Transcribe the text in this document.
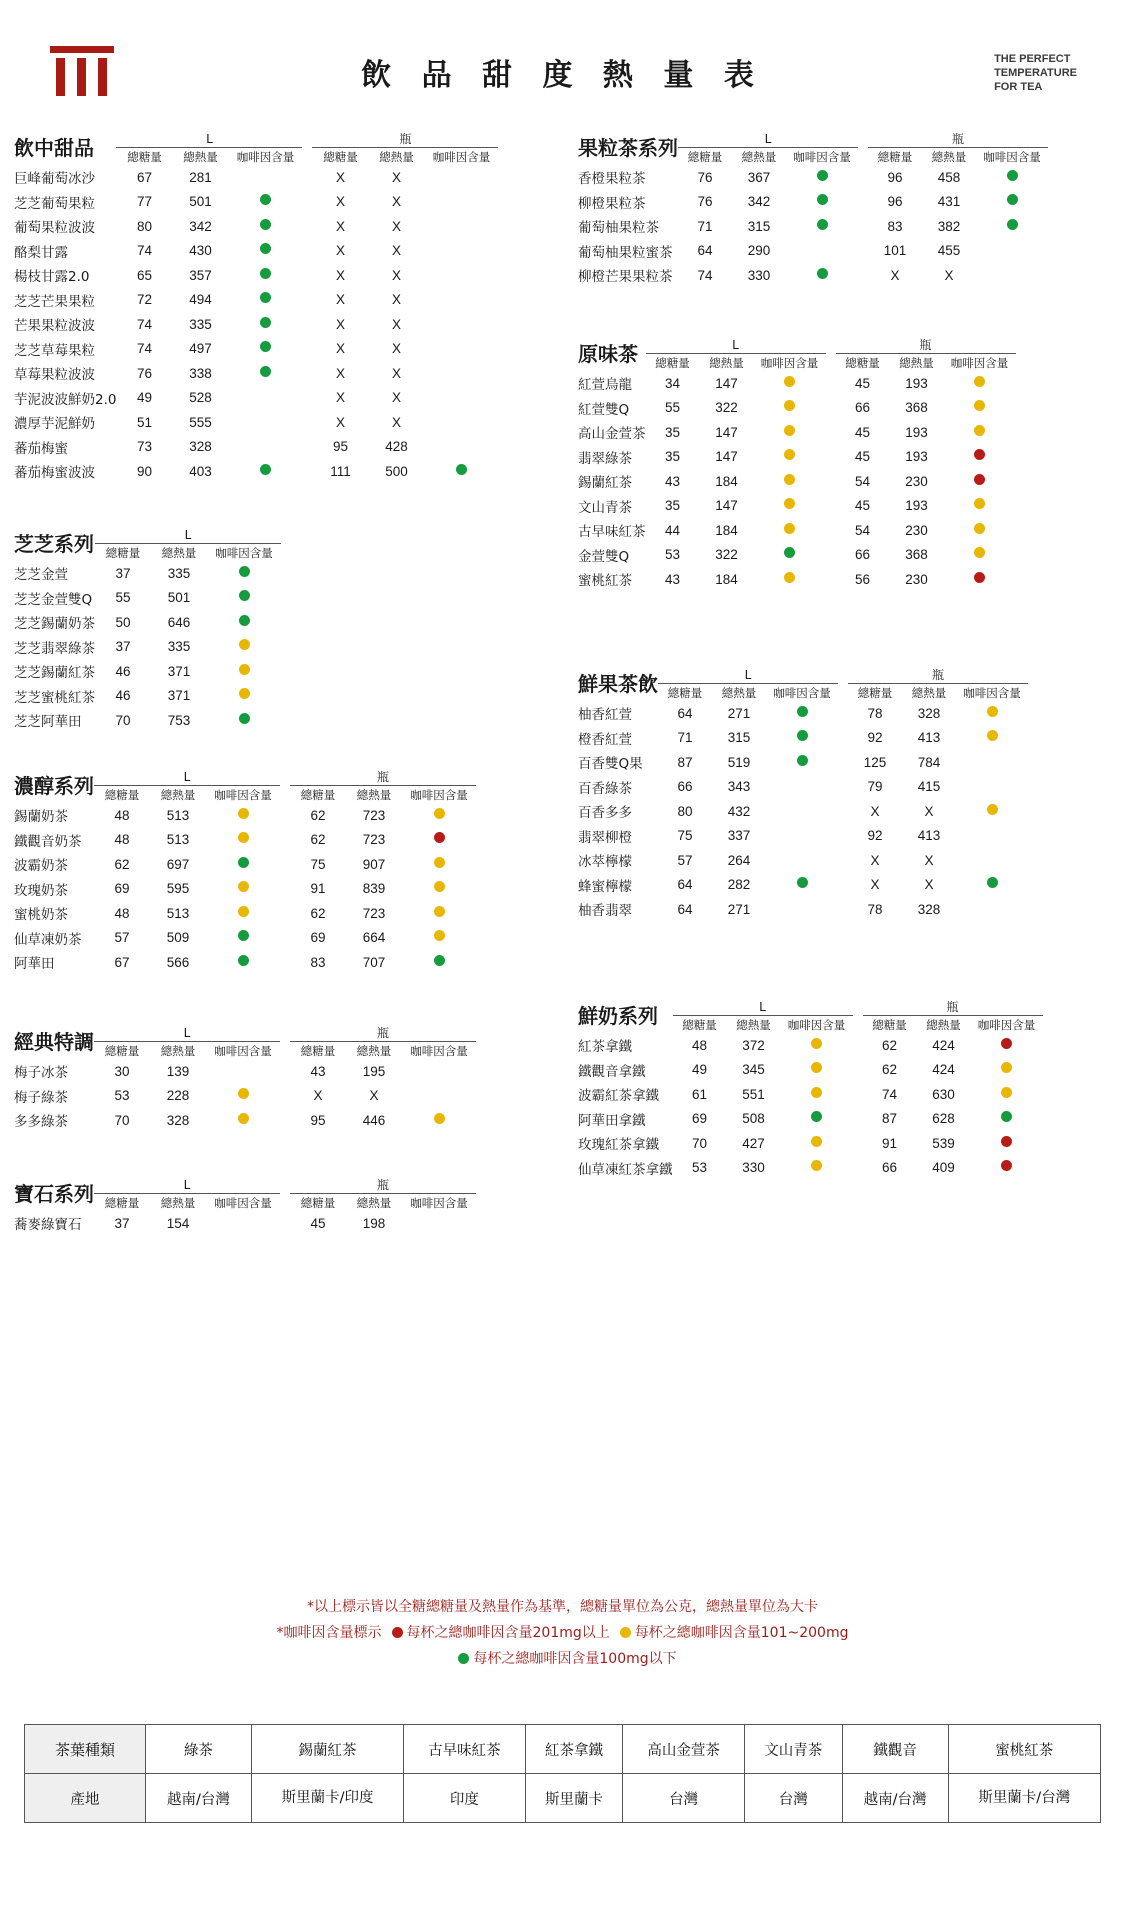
飲 品 甜 度 熱 量 表	THE PERFECT
TEMPERATURE
FOR TEA
飲中甜品	L				瓶		
	總糖量	總熱量	咖啡因含量		總糖量	總熱量	咖啡因含量
巨峰葡萄冰沙	67	281			X	X	
芝芝葡萄果粒	77	501			X	X	
葡萄果粒波波	80	342			X	X	
酪梨甘露	74	430			X	X	
楊枝甘露2.0	65	357			X	X	
芝芝芒果果粒	72	494			X	X	
芒果果粒波波	74	335			X	X	
芝芝草莓果粒	74	497			X	X	
草莓果粒波波	76	338			X	X	
芋泥波波鮮奶2.0	49	528			X	X	
濃厚芋泥鮮奶	51	555			X	X	
蕃茄梅蜜	73	328			95	428	
蕃茄梅蜜波波	90	403			111	500	
芝芝系列	L		
	總糖量	總熱量	咖啡因含量
芝芝金萱	37	335	
芝芝金萱雙Q	55	501	
芝芝錫蘭奶茶	50	646	
芝芝翡翠綠茶	37	335	
芝芝錫蘭紅茶	46	371	
芝芝蜜桃紅茶	46	371	
芝芝阿華田	70	753	
濃醇系列	L				瓶		
	總糖量	總熱量	咖啡因含量		總糖量	總熱量	咖啡因含量
錫蘭奶茶	48	513			62	723	
鐵觀音奶茶	48	513			62	723	
波霸奶茶	62	697			75	907	
玫瑰奶茶	69	595			91	839	
蜜桃奶茶	48	513			62	723	
仙草凍奶茶	57	509			69	664	
阿華田	67	566			83	707	
經典特調	L				瓶		
	總糖量	總熱量	咖啡因含量		總糖量	總熱量	咖啡因含量
梅子冰茶	30	139			43	195	
梅子綠茶	53	228			X	X	
多多綠茶	70	328			95	446	
寶石系列	L				瓶		
	總糖量	總熱量	咖啡因含量		總糖量	總熱量	咖啡因含量
蕎麥綠寶石	37	154			45	198	
果粒茶系列	L				瓶		
	總糖量	總熱量	咖啡因含量		總糖量	總熱量	咖啡因含量
香橙果粒茶	76	367			96	458	
柳橙果粒茶	76	342			96	431	
葡萄柚果粒茶	71	315			83	382	
葡萄柚果粒蜜茶	64	290			101	455	
柳橙芒果果粒茶	74	330			X	X	
原味茶	L				瓶		
	總糖量	總熱量	咖啡因含量		總糖量	總熱量	咖啡因含量
紅萱烏龍	34	147			45	193	
紅萱雙Q	55	322			66	368	
高山金萱茶	35	147			45	193	
翡翠綠茶	35	147			45	193	
錫蘭紅茶	43	184			54	230	
文山青茶	35	147			45	193	
古早味紅茶	44	184			54	230	
金萱雙Q	53	322			66	368	
蜜桃紅茶	43	184			56	230	
鮮果茶飲	L				瓶		
	總糖量	總熱量	咖啡因含量		總糖量	總熱量	咖啡因含量
柚香紅萱	64	271			78	328	
橙香紅萱	71	315			92	413	
百香雙Q果	87	519			125	784	
百香綠茶	66	343			79	415	
百香多多	80	432			X	X	
翡翠柳橙	75	337			92	413	
冰萃檸檬	57	264			X	X	
蜂蜜檸檬	64	282			X	X	
柚香翡翠	64	271			78	328	
鮮奶系列	L				瓶		
	總糖量	總熱量	咖啡因含量		總糖量	總熱量	咖啡因含量
紅茶拿鐵	48	372			62	424	
鐵觀音拿鐵	49	345			62	424	
波霸紅茶拿鐵	61	551			74	630	
阿華田拿鐵	69	508			87	628	
玫瑰紅茶拿鐵	70	427			91	539	
仙草凍紅茶拿鐵	53	330			66	409	
*以上標示皆以全糖總糖量及熱量作為基準，總糖量單位為公克，總熱量單位為大卡
*咖啡因含量標示 每杯之總咖啡因含量201mg以上 每杯之總咖啡因含量101~200mg
每杯之總咖啡因含量100mg以下
茶葉種類	綠茶	錫蘭紅茶	古早味紅茶	紅茶拿鐵	高山金萱茶	文山青茶	鐵觀音	蜜桃紅茶
產地	越南/台灣	斯里蘭卡/印度	印度	斯里蘭卡	台灣	台灣	越南/台灣	斯里蘭卡/台灣
